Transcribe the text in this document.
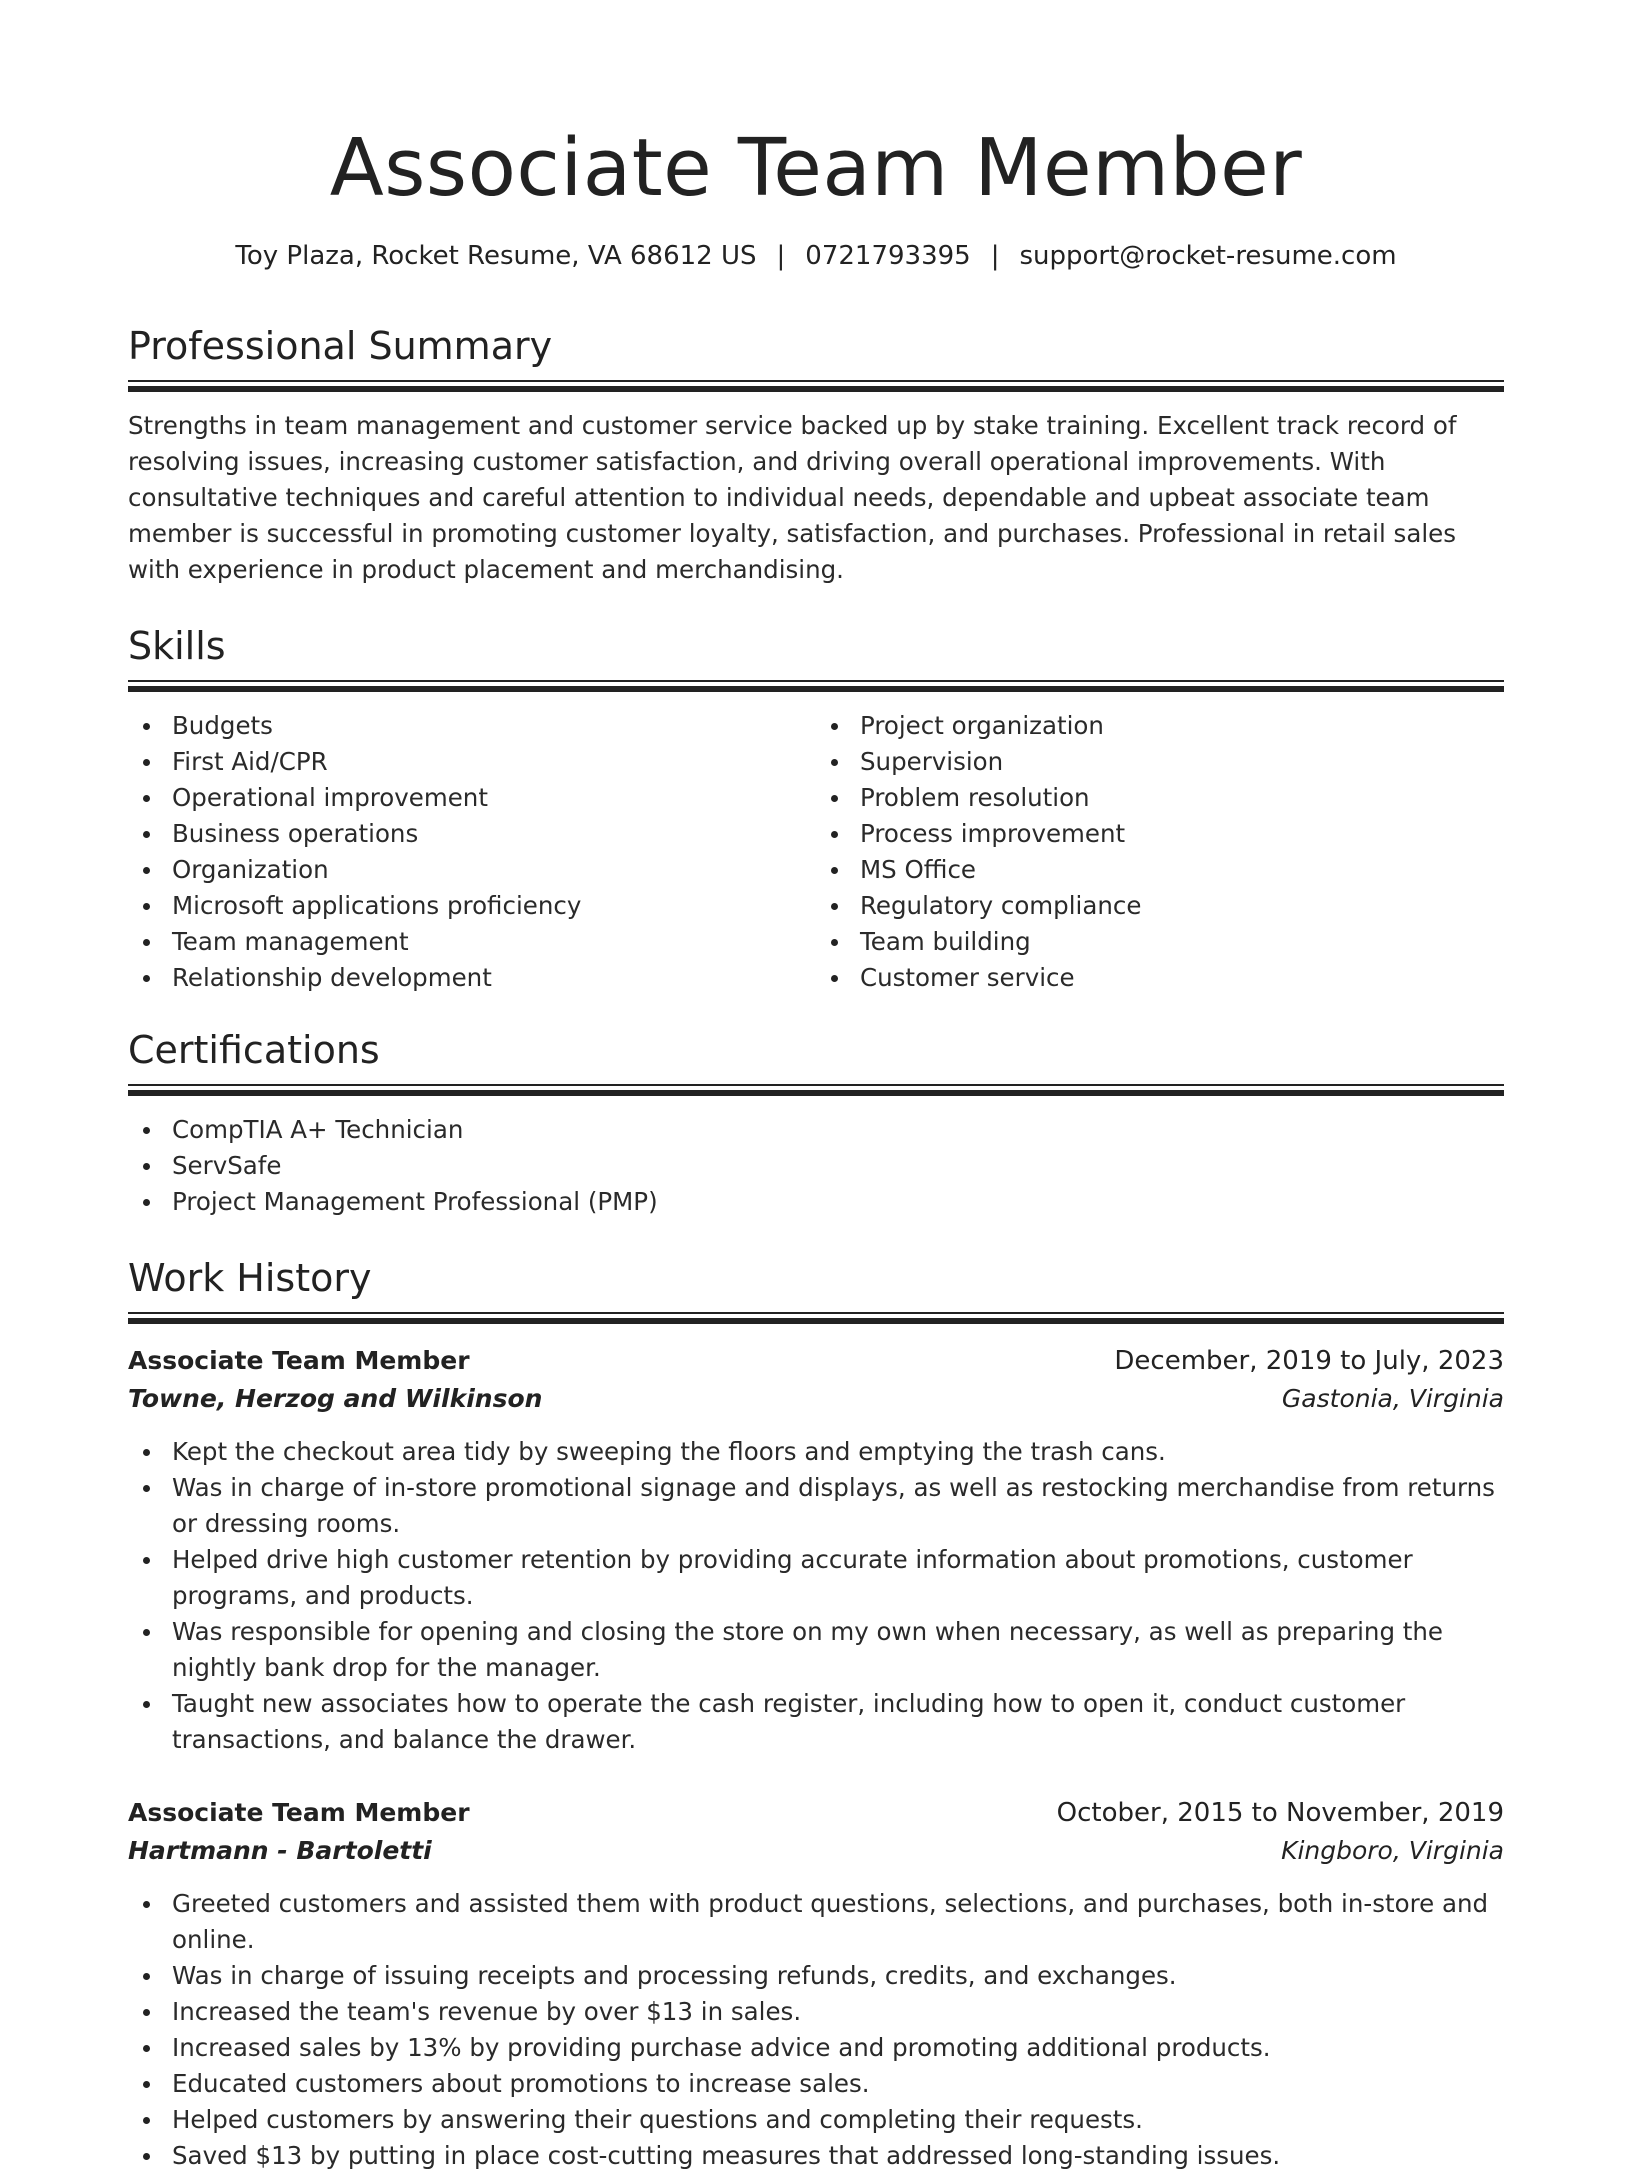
Associate Team Member
Toy Plaza, Rocket Resume, VA 68612 US | 0721793395 | support@rocket-resume.com
Professional Summary

Strengths in team management and customer service backed up by stake training. Excellent track record of resolving issues, increasing customer satisfaction, and driving overall operational improvements. With consultative techniques and careful attention to individual needs, dependable and upbeat associate team member is successful in promoting customer loyalty, satisfaction, and purchases. Professional in retail sales with experience in product placement and merchandising.

Skills
Budgets
First Aid/CPR
Operational improvement
Business operations
Organization
Microsoft applications proficiency
Team management
Relationship development
Project organization
Supervision
Problem resolution
Process improvement
MS Office
Regulatory compliance
Team building
Customer service
Certifications
CompTIA A+ Technician
ServSafe
Project Management Professional (PMP)
Work History
Associate Team Member	December, 2019 to July, 2023
Towne, Herzog and Wilkinson	Gastonia, Virginia
Kept the checkout area tidy by sweeping the floors and emptying the trash cans.
Was in charge of in-store promotional signage and displays, as well as restocking merchandise from returns or dressing rooms.
Helped drive high customer retention by providing accurate information about promotions, customer programs, and products.
Was responsible for opening and closing the store on my own when necessary, as well as preparing the nightly bank drop for the manager.
Taught new associates how to operate the cash register, including how to open it, conduct customer transactions, and balance the drawer.
Associate Team Member	October, 2015 to November, 2019
Hartmann - Bartoletti	Kingboro, Virginia
Greeted customers and assisted them with product questions, selections, and purchases, both in-store and online.
Was in charge of issuing receipts and processing refunds, credits, and exchanges.
Increased the team's revenue by over $13 in sales.
Increased sales by 13% by providing purchase advice and promoting additional products.
Educated customers about promotions to increase sales.
Helped customers by answering their questions and completing their requests.
Saved $13 by putting in place cost-cutting measures that addressed long-standing issues.
